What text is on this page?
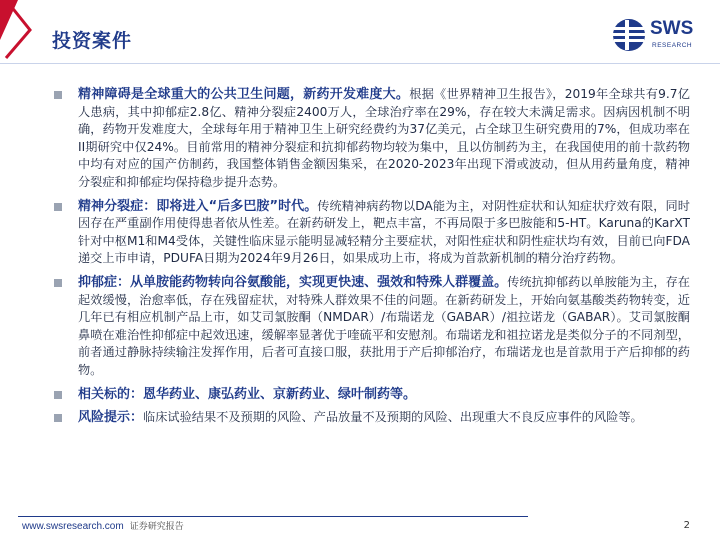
投资案件
SWS
RESEARCH
精神障碍是全球重大的公共卫生问题，新药开发难度大。根据《世界精神卫生报告》，2019年全球共有9.7亿人患病，其中抑郁症2.8亿、精神分裂症2400万人，全球治疗率在29%，存在较大未满足需求。因病因机制不明确，药物开发难度大，全球每年用于精神卫生上研究经费约为37亿美元，占全球卫生研究费用的7%，但成功率在II期研究中仅24%。目前常用的精神分裂症和抗抑郁药物均较为集中，且以仿制药为主，在我国使用的前十款药物中均有对应的国产仿制药，我国整体销售金额因集采，在2020-2023年出现下滑或波动，但从用药量角度，精神分裂症和抑郁症均保持稳步提升态势。
精神分裂症：即将进入“后多巴胺”时代。传统精神病药物以DA能为主，对阴性症状和认知症状疗效有限，同时因存在严重副作用使得患者依从性差。在新药研发上，靶点丰富，不再局限于多巴胺能和5-HT。Karuna的KarXT针对中枢M1和M4受体，关键性临床显示能明显减轻精分主要症状，对阳性症状和阴性症状均有效，目前已向FDA递交上市申请，PDUFA日期为2024年9月26日，如果成功上市，将成为首款新机制的精分治疗药物。
抑郁症：从单胺能药物转向谷氨酸能，实现更快速、强效和特殊人群覆盖。传统抗抑郁药以单胺能为主，存在起效缓慢，治愈率低，存在残留症状，对特殊人群效果不佳的问题。在新药研发上，开始向氨基酸类药物转变，近几年已有相应机制产品上市，如艾司氯胺酮（NMDAR）/布瑞诺龙（GABAR）/祖拉诺龙（GABAR）。艾司氯胺酮鼻喷在难治性抑郁症中起效迅速，缓解率显著优于喹硫平和安慰剂。布瑞诺龙和祖拉诺龙是类似分子的不同剂型，前者通过静脉持续输注发挥作用，后者可直接口服，获批用于产后抑郁治疗，布瑞诺龙也是首款用于产后抑郁的药物。
相关标的：恩华药业、康弘药业、京新药业、绿叶制药等。
风险提示：临床试验结果不及预期的风险、产品放量不及预期的风险、出现重大不良反应事件的风险等。
www.swsresearch.com 证券研究报告	2
